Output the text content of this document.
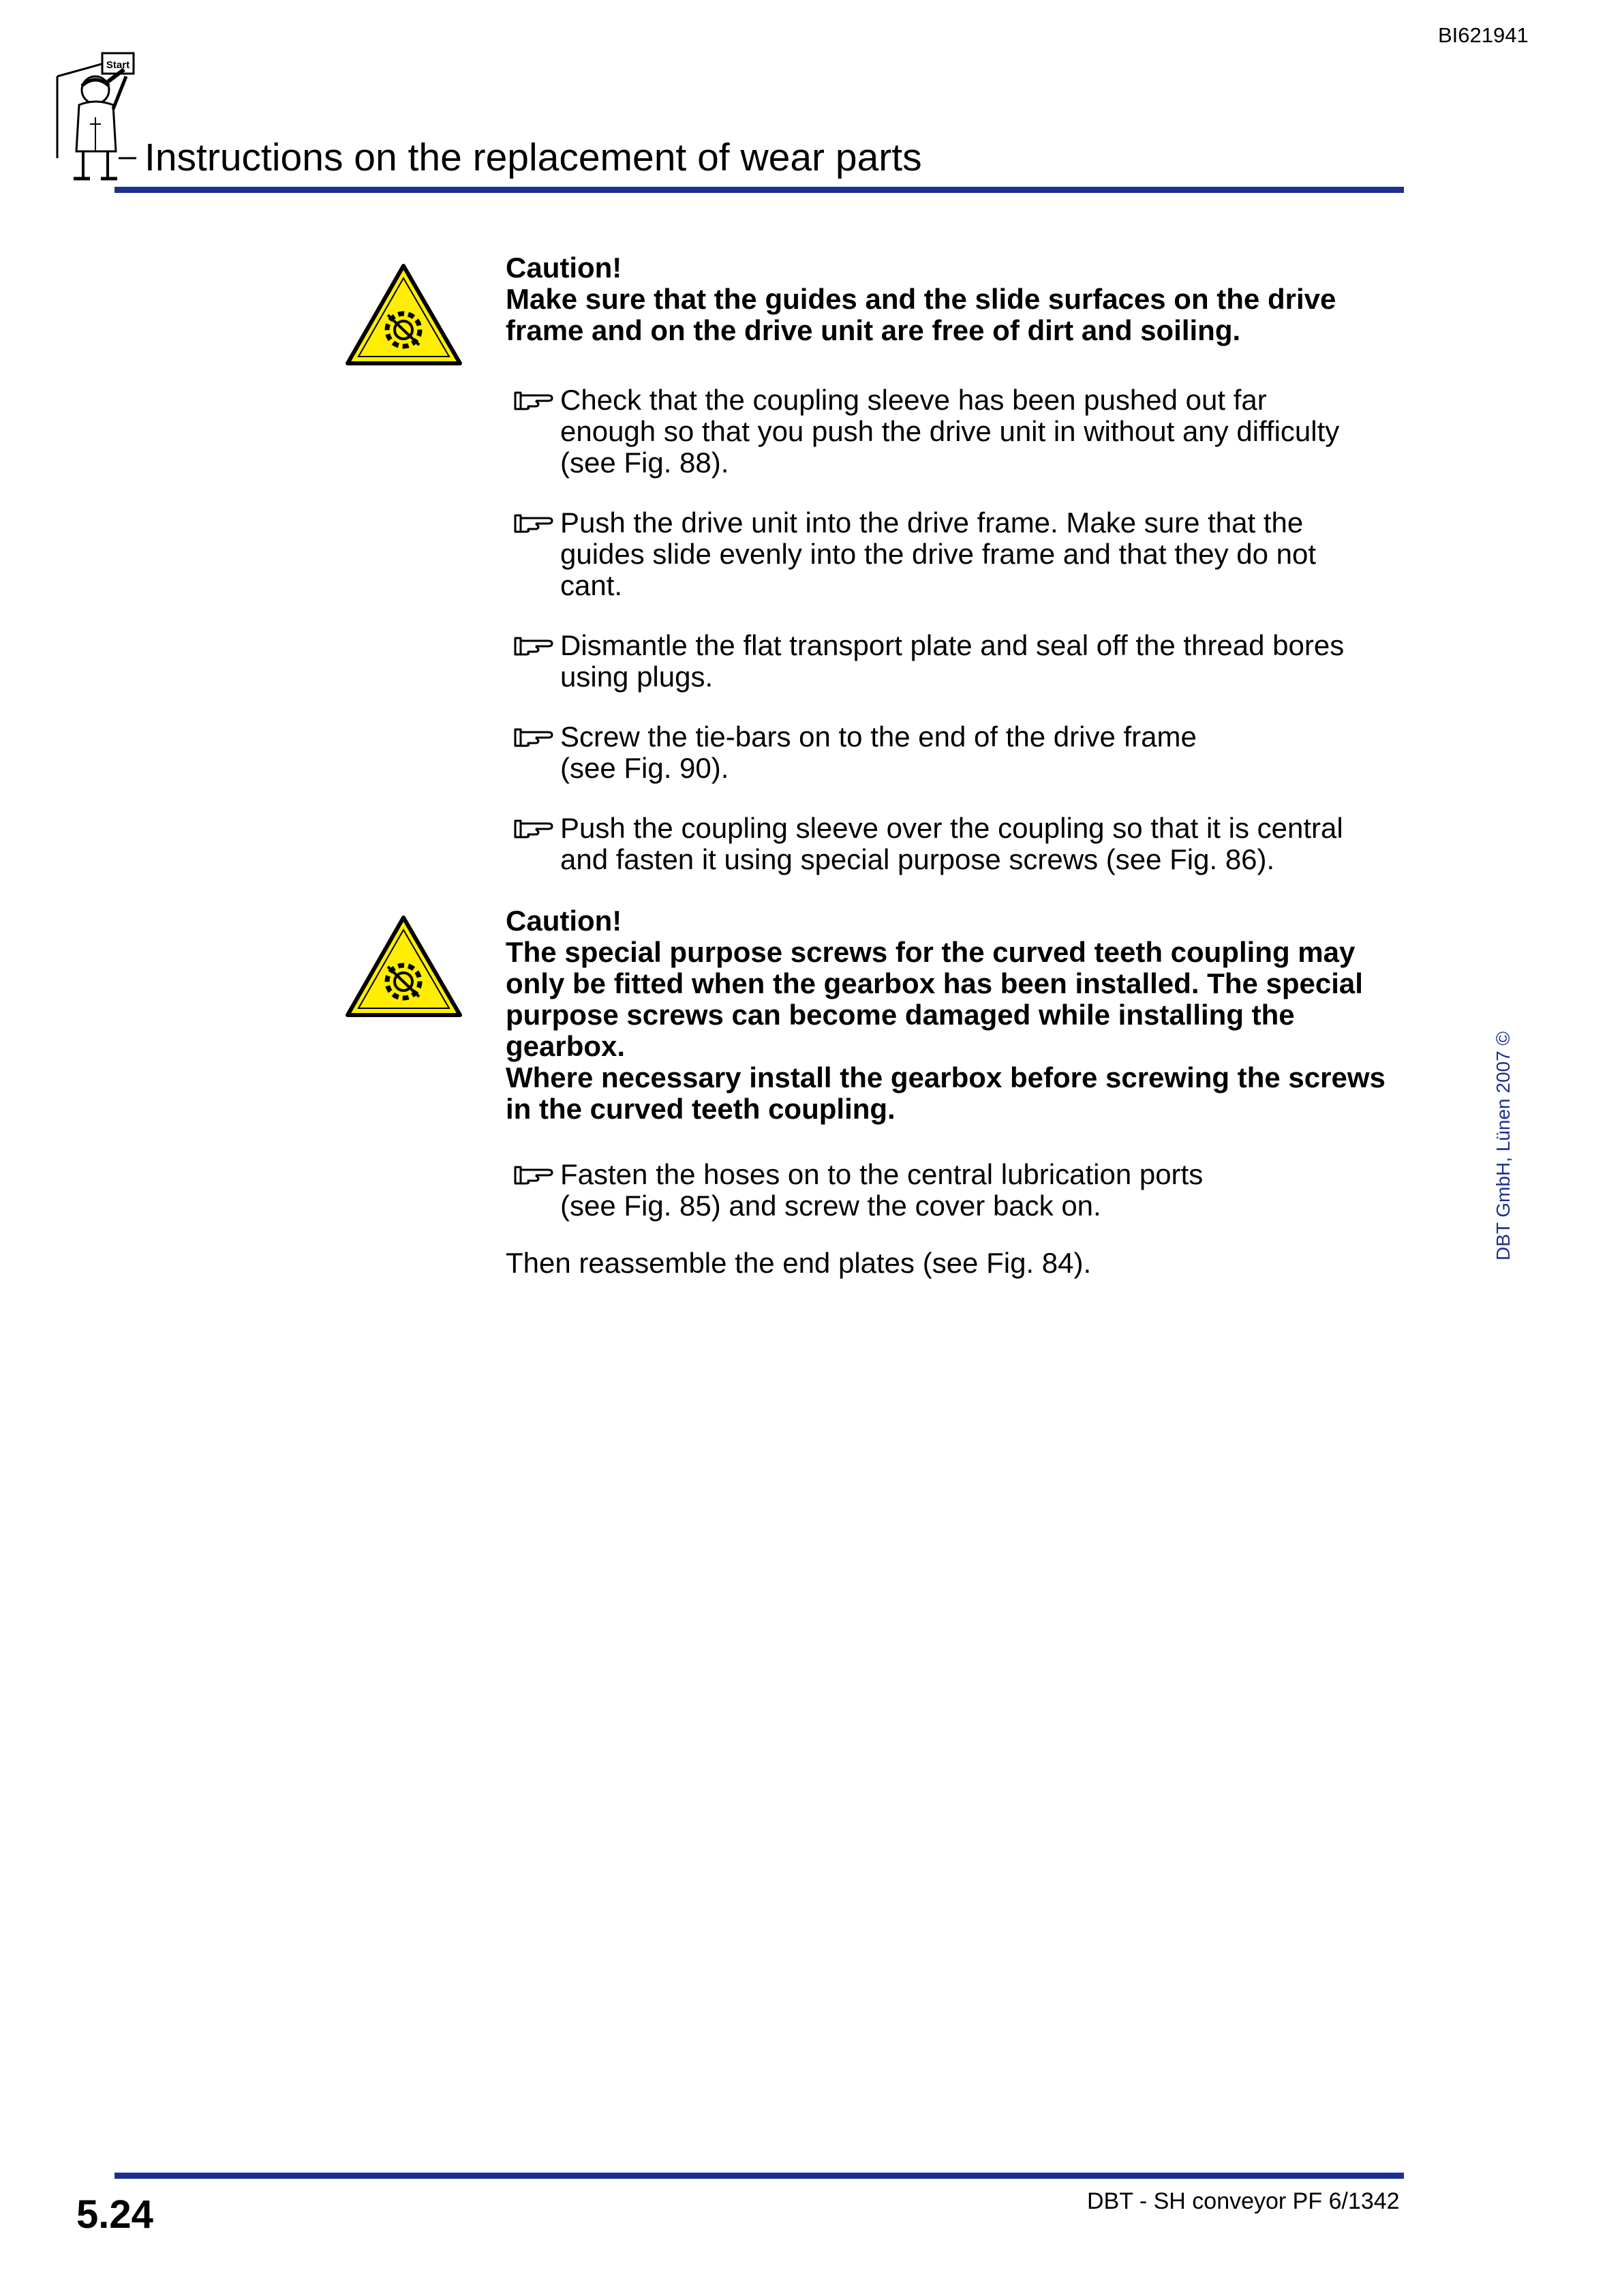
BI621941
Start
Instructions on the replacement of wear parts

Caution!

Make sure that the guides and the slide surfaces on the drive frame and on the drive unit are free of dirt and soiling.

Check that the coupling sleeve has been pushed out far
enough so that you push the drive unit in without any difficulty
(see Fig. 88).
Push the drive unit into the drive frame. Make sure that the
guides slide evenly into the drive frame and that they do not
cant.
Dismantle the flat transport plate and seal off the thread bores
using plugs.
Screw the tie-bars on to the end of the drive frame
(see Fig. 90).
Push the coupling sleeve over the coupling so that it is central
and fasten it using special purpose screws (see Fig. 86).

Caution!

The special purpose screws for the curved teeth coupling may only be fitted when the gearbox has been installed. The special purpose screws can become damaged while installing the gearbox.

Where necessary install the gearbox before screwing the screws in the curved teeth coupling.

Fasten the hoses on to the central lubrication ports
(see Fig. 85) and screw the cover back on.
Then reassemble the end plates (see Fig. 84).
DBT GmbH, Lünen 2007 ©
5.24	DBT - SH conveyor PF 6/1342
